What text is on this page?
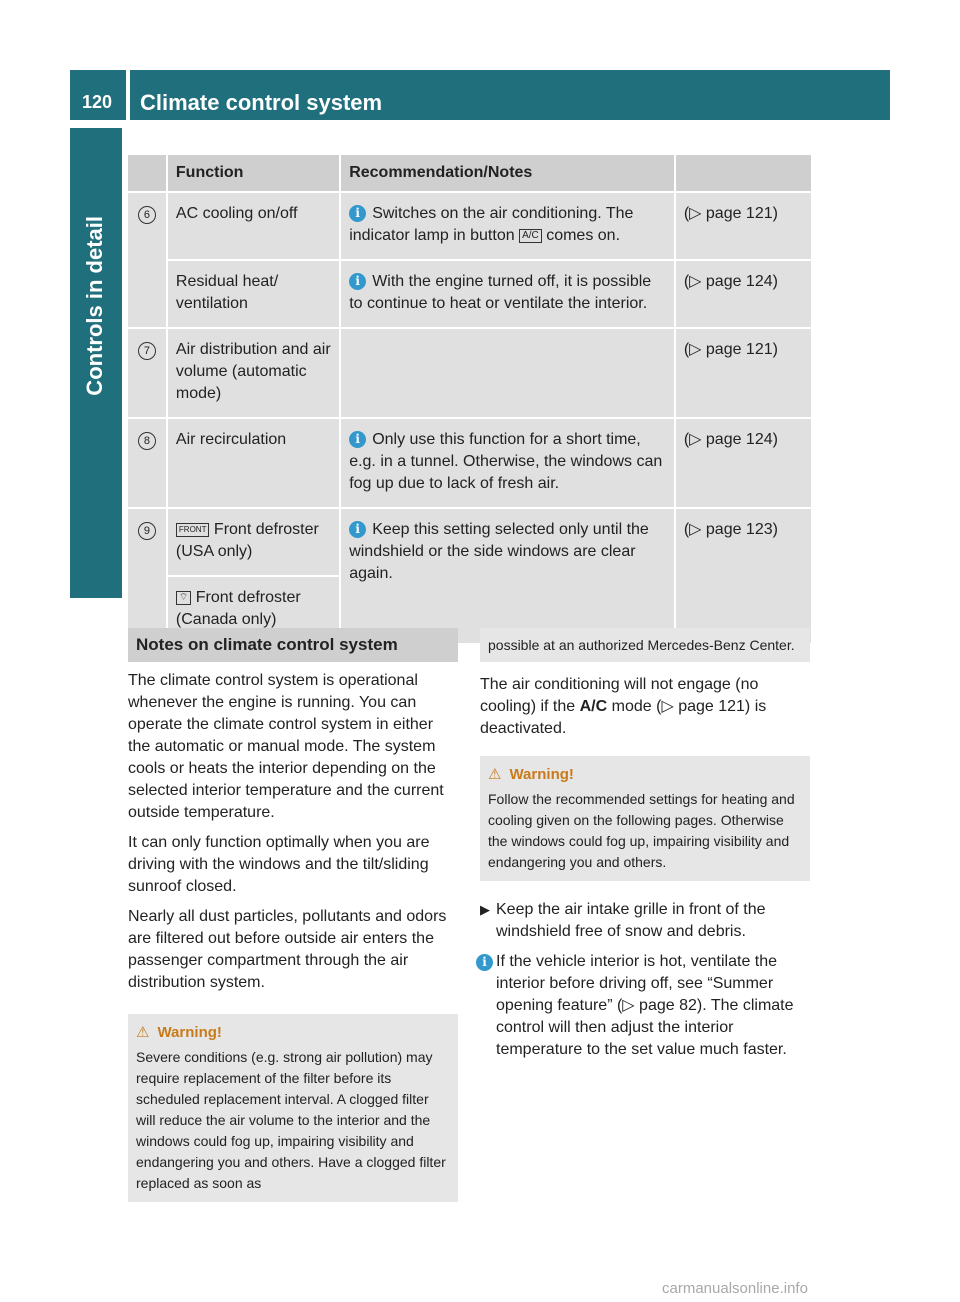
120 Climate control system
Controls in detail
	Function	Recommendation/Notes	
6	AC cooling on/off	i Switches on the air conditioning. The indicator lamp in button A/C comes on.	(▷ page 121)
	Residual heat/ ventilation	i With the engine turned off, it is possible to continue to heat or ventilate the interior.	(▷ page 124)
7	Air distribution and air volume (automatic mode)		(▷ page 121)
8	Air recirculation	i Only use this function for a short time, e.g. in a tunnel. Otherwise, the windows can fog up due to lack of fresh air.	(▷ page 124)
9	FRONT Front defroster (USA only)	i Keep this setting selected only until the windshield or the side windows are clear again.	(▷ page 123)
	⌔ Front defroster (Canada only)		
Notes on climate control system

The climate control system is operational whenever the engine is running. You can operate the climate control system in either the automatic or manual mode. The system cools or heats the interior depending on the selected interior temperature and the current outside temperature.

It can only function optimally when you are driving with the windows and the tilt/sliding sunroof closed.

Nearly all dust particles, pollutants and odors are filtered out before outside air enters the passenger compartment through the air distribution system.

⚠ Warning!
Severe conditions (e.g. strong air pollution) may require replacement of the filter before its scheduled replacement interval. A clogged filter will reduce the air volume to the interior and the windows could fog up, impairing visibility and endangering you and others. Have a clogged filter replaced as soon as
possible at an authorized Mercedes-Benz Center.

The air conditioning will not engage (no cooling) if the A/C mode (▷ page 121) is deactivated.

⚠ Warning!
Follow the recommended settings for heating and cooling given on the following pages. Otherwise the windows could fog up, impairing visibility and endangering you and others.

▶ Keep the air intake grille in front of the windshield free of snow and debris.

i If the vehicle interior is hot, ventilate the interior before driving off, see “Summer opening feature” (▷ page 82). The climate control will then adjust the interior temperature to the set value much faster.

carmanualsonline.info
